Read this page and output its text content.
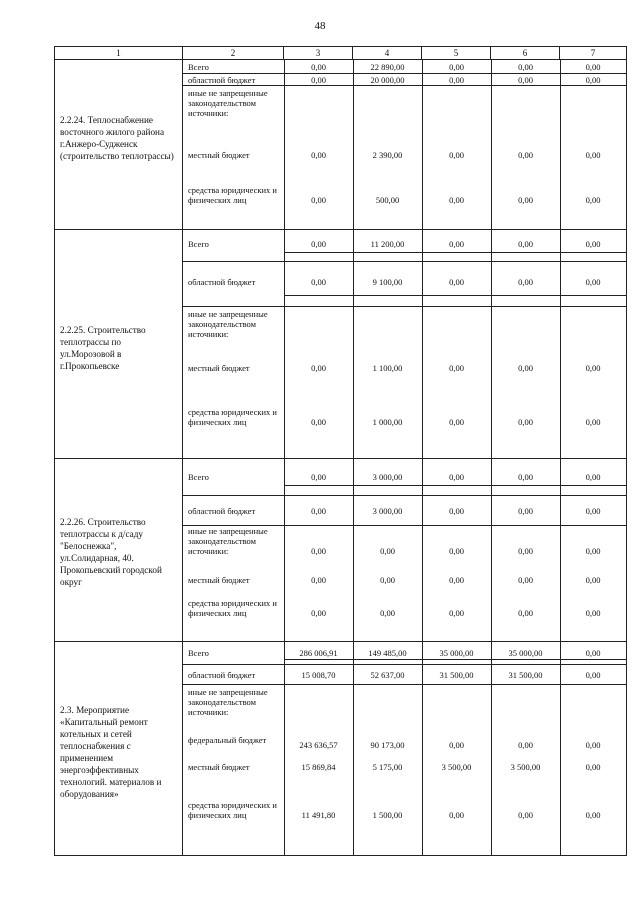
48
1	2	3	4	5	6	7
2.2.24. Теплоснабжение восточного жилого района г.Анжеро-Судженск (строительство теплотрассы)
Всего	0,00	22 890,00	0,00	0,00	0,00
областной бюджет	0,00	20 000,00	0,00	0,00	0,00
иные не запрещенные законодательством источники:
местный бюджет	0,00	2 390,00	0,00	0,00	0,00
средства юридических и физических лиц	0,00	500,00	0,00	0,00	0,00
2.2.25. Строительство теплотрассы по ул.Морозовой в г.Прокопьевске
Всего	0,00	11 200,00	0,00	0,00	0,00
областной бюджет	0,00	9 100,00	0,00	0,00	0,00
иные не запрещенные законодательством источники:
местный бюджет	0,00	1 100,00	0,00	0,00	0,00
средства юридических и физических лиц	0,00	1 000,00	0,00	0,00	0,00
2.2.26. Строительство теплотрассы к д/саду "Белоснежка", ул.Солидарная, 40. Прокопьевский городской округ
Всего	0,00	3 000,00	0,00	0,00	0,00
областной бюджет	0,00	3 000,00	0,00	0,00	0,00
иные не запрещенные законодательством источники:	0,00	0,00	0,00	0,00	0,00
местный бюджет	0,00	0,00	0,00	0,00	0,00
средства юридических и физических лиц	0,00	0,00	0,00	0,00	0,00
2.3. Мероприятие «Капитальный ремонт котельных и сетей теплоснабжения с применением энергоэффективных технологий. материалов и оборудования»
Всего	286 006,91	149 485,00	35 000,00	35 000,00	0,00
областной бюджет	15 008,70	52 637,00	31 500,00	31 500,00	0,00
иные не запрещенные законодательством источники:
федеральный бюджет	243 636,57	90 173,00	0,00	0,00	0,00
местный бюджет	15 869,84	5 175,00	3 500,00	3 500,00	0,00
средства юридических и физических лиц	11 491,80	1 500,00	0,00	0,00	0,00
